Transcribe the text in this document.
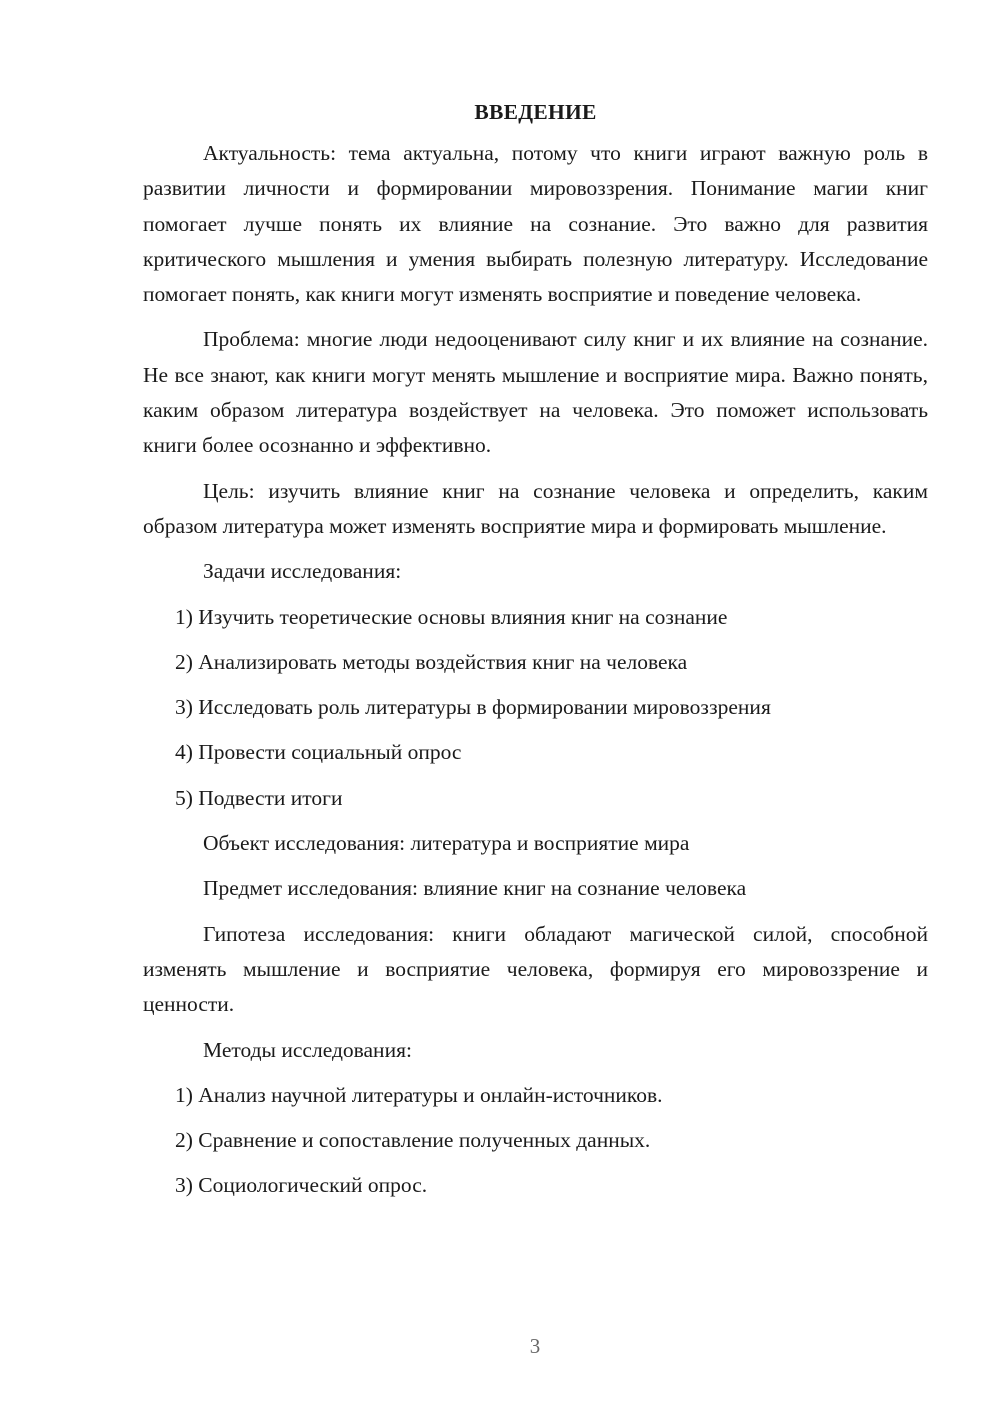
ВВЕДЕНИЕ

Актуальность: тема актуальна, потому что книги играют важную роль в развитии личности и формировании мировоззрения. Понимание магии книг помогает лучше понять их влияние на сознание. Это важно для развития критического мышления и умения выбирать полезную литературу. Исследование помогает понять, как книги могут изменять восприятие и поведение человека.

Проблема: многие люди недооценивают силу книг и их влияние на сознание. Не все знают, как книги могут менять мышление и восприятие мира. Важно понять, каким образом литература воздействует на человека. Это поможет использовать книги более осознанно и эффективно.

Цель: изучить влияние книг на сознание человека и определить, каким образом литература может изменять восприятие мира и формировать мышление.

Задачи исследования:
1) Изучить теоретические основы влияния книг на сознание
2) Анализировать методы воздействия книг на человека
3) Исследовать роль литературы в формировании мировоззрения
4) Провести социальный опрос
5) Подвести итоги
Объект исследования: литература и восприятие мира
Предмет исследования: влияние книг на сознание человека

Гипотеза исследования: книги обладают магической силой, способной изменять мышление и восприятие человека, формируя его мировоззрение и ценности.

Методы исследования:
1) Анализ научной литературы и онлайн-источников.
2) Сравнение и сопоставление полученных данных.
3) Социологический опрос.
3
